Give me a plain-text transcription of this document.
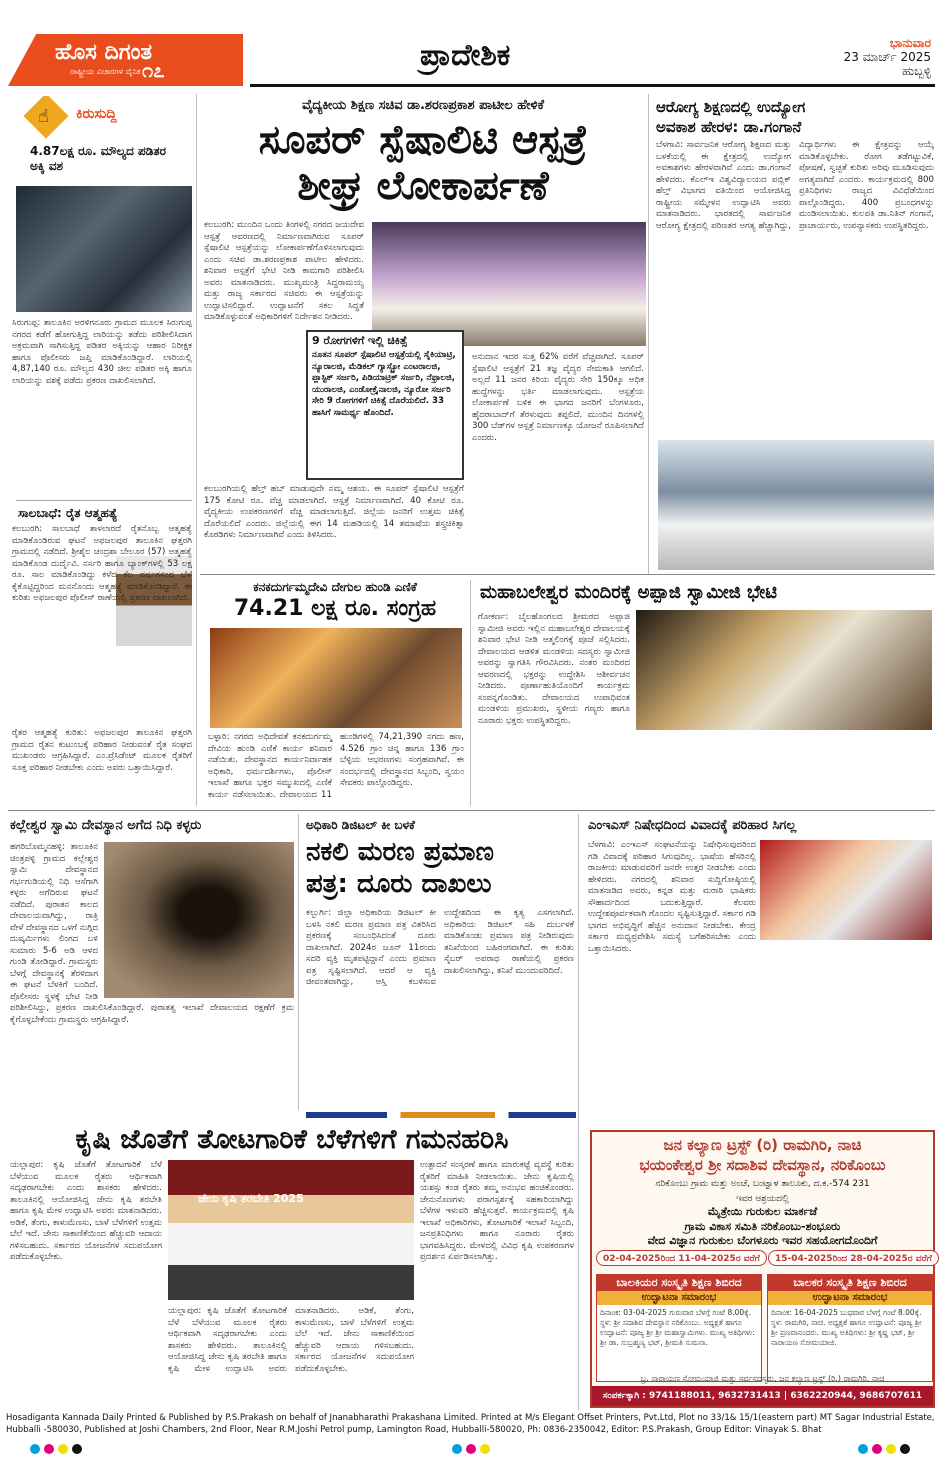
ಹೊಸ ದಿಗಂತ
ರಾಷ್ಟ್ರೀಯ ವಿಚಾರಗಳ ದೈನಿಕ ೧೭	ಪ್ರಾದೇಶಿಕ	ಭಾನುವಾರ
23 ಮಾರ್ಚ್ 2025
ಹುಬ್ಬಳ್ಳಿ
☝ ಕಿರುಸುದ್ದಿ
4.87ಲಕ್ಷ ರೂ. ಮೌಲ್ಯದ ಪಡಿತರ ಅಕ್ಕಿ ವಶ
ಸಿರುಗುಪ್ಪ: ತಾಲೂಕಿನ ಅರಳಿಗನೂರು ಗ್ರಾಮದ ಮೂಲಕ ಸಿರುಗುಪ್ಪ ನಗರದ ಕಡೆಗೆ ಹೋಗುತ್ತಿದ್ದ ಲಾರಿಯನ್ನು ತಡೆದು ಪರಿಶೀಲಿಸಿದಾಗ ಅಕ್ರಮವಾಗಿ ಸಾಗಿಸುತ್ತಿದ್ದ ಪಡಿತರ ಅಕ್ಕಿಯನ್ನು ಆಹಾರ ನಿರೀಕ್ಷಕ ಹಾಗೂ ಪೊಲೀಸರು ಜಪ್ತಿ ಮಾಡಿಕೊಂಡಿದ್ದಾರೆ. ಲಾರಿಯಲ್ಲಿ 4,87,140 ರೂ. ಮೌಲ್ಯದ 430 ಚೀಲ ಪಡಿತರ ಅಕ್ಕಿ ಹಾಗೂ ಲಾರಿಯನ್ನು ವಶಕ್ಕೆ ಪಡೆದು ಪ್ರಕರಣ ದಾಖಲಿಸಲಾಗಿದೆ.
ಸಾಲಬಾಧೆ: ರೈತ ಆತ್ಮಹತ್ಯೆ
ಕಲಬುರಗಿ: ಸಾಲಬಾಧೆ ತಾಳಲಾರದೆ ರೈತನೊಬ್ಬ ಆತ್ಮಹತ್ಯೆ ಮಾಡಿಕೊಂಡಿರುವ ಘಟನೆ ಅಫಜಲಪುರ ತಾಲೂಕಿನ ಘತ್ತರಗಿ ಗ್ರಾಮದಲ್ಲಿ ನಡೆದಿದೆ. ಶ್ರೀಶೈಲ ಚಂದ್ರಶಾ ಬೇಲೂರ (57) ಆತ್ಮಹತ್ಯೆ ಮಾಡಿಕೊಂಡ ದುರ್ದೈವಿ. ನರ್ಸರಿ ಹಾಗೂ ಬ್ಯಾಂಕ್‌ಗಳಲ್ಲಿ 53 ಲಕ್ಷ ರೂ. ಸಾಲ ಮಾಡಿಕೊಂಡಿದ್ದು ಕಳೆದ ಕೆಲ ವರ್ಷಗಳಿಂದ ಬೆಳೆ ಕೈಕೊಟ್ಟಿದ್ದರಿಂದ ಮನನೊಂದು ಆತ್ಮಹತ್ಯೆ ಮಾಡಿಕೊಂಡಿದ್ದಾನೆ. ಈ ಕುರಿತು ಅಫಜಲಪುರ ಪೊಲೀಸ್ ಠಾಣೆಯಲ್ಲಿ ಪ್ರಕರಣ ದಾಖಲಾಗಿದೆ.
ರೈತರ ಆತ್ಮಹತ್ಯೆ ಕುರಿತು: ಅಫಜಲಪುರ ತಾಲೂಕಿನ ಘತ್ತರಗಿ ಗ್ರಾಮದ ರೈತನ ಕುಟುಂಬಕ್ಕೆ ಪರಿಹಾರ ನೀಡುವಂತೆ ರೈತ ಸಂಘದ ಮುಖಂಡರು ಆಗ್ರಹಿಸಿದ್ದಾರೆ. ಎಂ.ಪ್ರೆಸಿಡೆಂಟ್ ಮೂಲಕ ರೈತರಿಗೆ ಸೂಕ್ತ ಪರಿಹಾರ ನೀಡಬೇಕು ಎಂದು ಅವರು ಒತ್ತಾಯಿಸಿದ್ದಾರೆ.
ವೈದ್ಯಕೀಯ ಶಿಕ್ಷಣ ಸಚಿವ ಡಾ.ಶರಣಪ್ರಕಾಶ ಪಾಟೀಲ ಹೇಳಿಕೆ
ಸೂಪರ್ ಸ್ಪೆಷಾಲಿಟಿ ಆಸ್ಪತ್ರೆ
ಶೀಘ್ರ ಲೋಕಾರ್ಪಣೆ
ಕಲಬುರಗಿ: ಮುಂದಿನ ಒಂದು ತಿಂಗಳಲ್ಲಿ ನಗರದ ಜಯದೇವ ಆಸ್ಪತ್ರೆ ಆವರಣದಲ್ಲಿ ನಿರ್ಮಾಣವಾಗಿರುವ ಸೂಪರ್ ಸ್ಪೆಷಾಲಿಟಿ ಆಸ್ಪತ್ರೆಯನ್ನು ಲೋಕಾರ್ಪಣೆಗೊಳಿಸಲಾಗುವುದು ಎಂದು ಸಚಿವ ಡಾ.ಶರಣಪ್ರಕಾಶ ಪಾಟೀಲ ಹೇಳಿದರು. ಶನಿವಾರ ಆಸ್ಪತ್ರೆಗೆ ಭೇಟಿ ನೀಡಿ ಕಾಮಗಾರಿ ಪರಿಶೀಲಿಸಿ ಅವರು ಮಾತನಾಡಿದರು. ಮುಖ್ಯಮಂತ್ರಿ ಸಿದ್ದರಾಮಯ್ಯ ಮತ್ತು ರಾಜ್ಯ ಸರ್ಕಾರದ ಸಚಿವರು ಈ ಆಸ್ಪತ್ರೆಯನ್ನು ಉದ್ಘಾಟಿಸಲಿದ್ದಾರೆ. ಉದ್ಘಾಟನೆಗೆ ಸಕಲ ಸಿದ್ಧತೆ ಮಾಡಿಕೊಳ್ಳುವಂತೆ ಅಧಿಕಾರಿಗಳಿಗೆ ನಿರ್ದೇಶನ ನೀಡಿದರು.
9 ರೋಗಗಳಿಗೆ ಇಲ್ಲಿ ಚಿಕಿತ್ಸೆ
ನೂತನ ಸೂಪರ್ ಸ್ಪೆಷಾಲಿಟಿ ಆಸ್ಪತ್ರೆಯಲ್ಲಿ ಸೈಕಿಯಾಟ್ರಿ, ನ್ಯೂರಾಲಜಿ, ಮೆಡಿಕಲ್ ಗ್ಯಾಸ್ಟ್ರೋ ಎಂಟರಾಲಜಿ, ಪ್ಲಾಸ್ಟಿಕ್ ಸರ್ಜರಿ, ಪಿಡಿಯಾಟ್ರಿಕ್ ಸರ್ಜರಿ, ನೆಫ್ರಾಲಜಿ, ಯುರಾಲಜಿ, ಎಂಡೋಕ್ರೈನಾಲಜಿ, ನ್ಯೂರೋ ಸರ್ಜರಿ ಸೇರಿ 9 ರೋಗಗಳಿಗೆ ಚಿಕಿತ್ಸೆ ದೊರೆಯಲಿದೆ. 33 ಹಾಸಿಗೆ ಸಾಮರ್ಥ್ಯ ಹೊಂದಿದೆ.
ಕಲಬುರಗಿಯಲ್ಲಿ ಹೆಲ್ತ್ ಹಬ್ ಮಾಡುವುದೇ ನಮ್ಮ ಆಶಯ. ಈ ಸೂಪರ್ ಸ್ಪೆಷಾಲಿಟಿ ಆಸ್ಪತ್ರೆಗೆ 175 ಕೋಟಿ ರೂ. ವೆಚ್ಚ ಮಾಡಲಾಗಿದೆ. ಆಸ್ಪತ್ರೆ ನಿರ್ಮಾಣವಾಗಿದೆ. 40 ಕೋಟಿ ರೂ. ವೈದ್ಯಕೀಯ ಉಪಕರಣಗಳಿಗೆ ವೆಚ್ಚ ಮಾಡಲಾಗುತ್ತಿದೆ. ಜಿಲ್ಲೆಯ ಜನರಿಗೆ ಉತ್ತಮ ಚಿಕಿತ್ಸೆ ದೊರೆಯಲಿದೆ ಎಂದರು. ಜಿಲ್ಲೆಯಲ್ಲಿ ಈಗ 14 ಮಹಡಿಯಲ್ಲಿ 14 ತಮಾಷೆಯ ಶಸ್ತ್ರಚಿಕಿತ್ಸಾ ಕೊಠಡಿಗಳು ನಿರ್ಮಾಣವಾಗಿವೆ ಎಂದು ತಿಳಿಸಿದರು.
ಅನುದಾನ ಇದರ ಸುತ್ತ 62% ವರೆಗೆ ವೆಚ್ಚವಾಗಿದೆ. ಸೂಪರ್ ಸ್ಪೆಷಾಲಿಟಿ ಆಸ್ಪತ್ರೆಗೆ 21 ತಜ್ಞ ವೈದ್ಯರ ನೇಮಕಾತಿ ಆಗಲಿದೆ. ಅಲ್ಲದೆ 11 ಜನರ ಕಿರಿಯ ವೈದ್ಯರು ಸೇರಿ 150ಕ್ಕೂ ಅಧಿಕ ಹುದ್ದೆಗಳನ್ನು ಭರ್ತಿ ಮಾಡಲಾಗುವುದು. ಆಸ್ಪತ್ರೆಯ ಲೋಕಾರ್ಪಣೆ ಬಳಿಕ ಈ ಭಾಗದ ಜನರಿಗೆ ಬೆಂಗಳೂರು, ಹೈದರಾಬಾದ್‌ಗೆ ತೆರಳುವುದು ತಪ್ಪಲಿದೆ. ಮುಂದಿನ ದಿನಗಳಲ್ಲಿ 300 ಬೆಡ್‌ಗಳ ಆಸ್ಪತ್ರೆ ನಿರ್ಮಾಣಕ್ಕೂ ಯೋಜನೆ ರೂಪಿಸಲಾಗಿದೆ ಎಂದರು.
ಆರೋಗ್ಯ ಶಿಕ್ಷಣದಲ್ಲಿ ಉದ್ಯೋಗ
ಅವಕಾಶ ಹೇರಳ: ಡಾ.ಗಂಗಾನೆ
ಬೆಳಗಾವಿ: ಸಾರ್ವಜನಿಕ ಆರೋಗ್ಯ ಶಿಕ್ಷಣದ ಮತ್ತು ಬಳಕೆಯಲ್ಲಿ ಈ ಕ್ಷೇತ್ರದಲ್ಲಿ ಉದ್ಯೋಗ ಅವಕಾಶಗಳು ಹೇರಳವಾಗಿವೆ ಎಂದು ಡಾ.ಗಂಗಾನೆ ಹೇಳಿದರು. ಕೆಎಲ್‌ಇ ವಿಶ್ವವಿದ್ಯಾಲಯದ ಪಬ್ಲಿಕ್ ಹೆಲ್ತ್ ವಿಭಾಗದ ವತಿಯಿಂದ ಆಯೋಜಿಸಿದ್ದ ರಾಷ್ಟ್ರೀಯ ಸಮ್ಮೇಳನ ಉದ್ಘಾಟಿಸಿ ಅವರು ಮಾತನಾಡಿದರು. ಭಾರತದಲ್ಲಿ ಸಾರ್ವಜನಿಕ ಆರೋಗ್ಯ ಕ್ಷೇತ್ರದಲ್ಲಿ ಪರಿಣತರ ಅಗತ್ಯ ಹೆಚ್ಚಾಗಿದ್ದು, ವಿದ್ಯಾರ್ಥಿಗಳು ಈ ಕ್ಷೇತ್ರವನ್ನು ಆಯ್ಕೆ ಮಾಡಿಕೊಳ್ಳಬೇಕು. ರೋಗ ತಡೆಗಟ್ಟುವಿಕೆ, ಪೋಷಣೆ, ಸ್ವಚ್ಛತೆ ಕುರಿತು ಅರಿವು ಮೂಡಿಸುವುದು ಅಗತ್ಯವಾಗಿದೆ ಎಂದರು. ಕಾರ್ಯಕ್ರಮದಲ್ಲಿ 800 ಪ್ರತಿನಿಧಿಗಳು ರಾಜ್ಯದ ವಿವಿಧೆಡೆಯಿಂದ ಪಾಲ್ಗೊಂಡಿದ್ದರು. 400 ಪ್ರಬಂಧಗಳನ್ನು ಮಂಡಿಸಲಾಯಿತು. ಕುಲಪತಿ ಡಾ.ನಿತಿನ್ ಗಂಗಾನೆ, ಪ್ರಾಚಾರ್ಯರು, ಉಪನ್ಯಾಸಕರು ಉಪಸ್ಥಿತರಿದ್ದರು.
ಕನಕದುರ್ಗಮ್ಮದೇವಿ ದೇಗುಲ ಹುಂಡಿ ಎಣಿಕೆ
74.21 ಲಕ್ಷ ರೂ. ಸಂಗ್ರಹ
ಬಳ್ಳಾರಿ: ನಗರದ ಅಧಿದೇವತೆ ಕನಕದುರ್ಗಮ್ಮ ದೇವಿಯ ಹುಂಡಿ ಎಣಿಕೆ ಕಾರ್ಯ ಶನಿವಾರ ನಡೆಯಿತು. ದೇವಸ್ಥಾನದ ಕಾರ್ಯನಿರ್ವಾಹಕ ಅಧಿಕಾರಿ, ಧರ್ಮದರ್ಶಿಗಳು, ಪೊಲೀಸ್ ಇಲಾಖೆ ಹಾಗೂ ಭಕ್ತರ ಸಮ್ಮುಖದಲ್ಲಿ ಎಣಿಕೆ ಕಾರ್ಯ ನಡೆಸಲಾಯಿತು. ದೇವಾಲಯದ 11 ಹುಂಡಿಗಳಲ್ಲಿ 74,21,390 ನಗದು ಹಣ, 4.526 ಗ್ರಾಂ ಚಿನ್ನ ಹಾಗೂ 136 ಗ್ರಾಂ ಬೆಳ್ಳಿಯ ಆಭರಣಗಳು ಸಂಗ್ರಹವಾಗಿವೆ. ಈ ಸಂದರ್ಭದಲ್ಲಿ ದೇವಸ್ಥಾನದ ಸಿಬ್ಬಂದಿ, ಸ್ವಯಂ ಸೇವಕರು ಪಾಲ್ಗೊಂಡಿದ್ದರು.
ಮಹಾಬಲೇಶ್ವರ ಮಂದಿರಕ್ಕೆ ಅಪ್ಪಾಜಿ ಸ್ವಾಮೀಜಿ ಭೇಟಿ
ಗೋಕರ್ಣ: ಬೈಲಹೊಂಗಲದ ಶ್ರೀಮಠದ ಅಪ್ಪಾಜಿ ಸ್ವಾಮೀಜಿ ಅವರು ಇಲ್ಲಿನ ಮಹಾಬಲೇಶ್ವರ ದೇವಾಲಯಕ್ಕೆ ಶನಿವಾರ ಭೇಟಿ ನೀಡಿ ಆತ್ಮಲಿಂಗಕ್ಕೆ ಪೂಜೆ ಸಲ್ಲಿಸಿದರು. ದೇವಾಲಯದ ಆಡಳಿತ ಮಂಡಳಿಯ ಸದಸ್ಯರು ಸ್ವಾಮೀಜಿ ಅವರನ್ನು ಸ್ವಾಗತಿಸಿ ಗೌರವಿಸಿದರು. ನಂತರ ಮಂದಿರದ ಆವರಣದಲ್ಲಿ ಭಕ್ತರನ್ನು ಉದ್ದೇಶಿಸಿ ಆಶೀರ್ವಚನ ನೀಡಿದರು. ಪೂರ್ಣಾಹುತಿಯೊಂದಿಗೆ ಕಾರ್ಯಕ್ರಮ ಸಂಪನ್ನಗೊಂಡಿತು. ದೇವಾಲಯದ ಉಪಾಧಿವಂತ ಮಂಡಳಿಯ ಪ್ರಮುಖರು, ಸ್ಥಳೀಯ ಗಣ್ಯರು ಹಾಗೂ ನೂರಾರು ಭಕ್ತರು ಉಪಸ್ಥಿತರಿದ್ದರು.
ಕಲ್ಲೇಶ್ವರ ಸ್ವಾಮಿ ದೇವಸ್ಥಾನ ಅಗೆದ ನಿಧಿ ಕಳ್ಳರು
ಹಗರಿಬೊಮ್ಮನಹಳ್ಳಿ: ತಾಲೂಕಿನ ಚಿಂತ್ರಪಳ್ಳಿ ಗ್ರಾಮದ ಕಲ್ಲೇಶ್ವರ ಸ್ವಾಮಿ ದೇವಸ್ಥಾನದ ಗರ್ಭಗುಡಿಯಲ್ಲಿ ನಿಧಿ ಆಸೆಗಾಗಿ ಕಳ್ಳರು ಅಗೆದಿರುವ ಘಟನೆ ನಡೆದಿದೆ. ಪುರಾತನ ಕಾಲದ ದೇವಾಲಯವಾಗಿದ್ದು, ರಾತ್ರಿ ವೇಳೆ ದೇವಸ್ಥಾನದ ಒಳಗೆ ನುಗ್ಗಿದ ದುಷ್ಕರ್ಮಿಗಳು ಲಿಂಗದ ಬಳಿ ಸುಮಾರು 5-6 ಅಡಿ ಆಳದ ಗುಂಡಿ ತೋಡಿದ್ದಾರೆ. ಗ್ರಾಮಸ್ಥರು ಬೆಳಗ್ಗೆ ದೇವಸ್ಥಾನಕ್ಕೆ ತೆರಳಿದಾಗ ಈ ಘಟನೆ ಬೆಳಕಿಗೆ ಬಂದಿದೆ. ಪೊಲೀಸರು ಸ್ಥಳಕ್ಕೆ ಭೇಟಿ ನೀಡಿ ಪರಿಶೀಲಿಸಿದ್ದು, ಪ್ರಕರಣ ದಾಖಲಿಸಿಕೊಂಡಿದ್ದಾರೆ. ಪುರಾತತ್ವ ಇಲಾಖೆ ದೇವಾಲಯದ ರಕ್ಷಣೆಗೆ ಕ್ರಮ ಕೈಗೊಳ್ಳಬೇಕೆಂದು ಗ್ರಾಮಸ್ಥರು ಆಗ್ರಹಿಸಿದ್ದಾರೆ.
ಅಧಿಕಾರಿ ಡಿಜಿಟಲ್ ಕೀ ಬಳಕೆ
ನಕಲಿ ಮರಣ ಪ್ರಮಾಣ
ಪತ್ರ: ದೂರು ದಾಖಲು
ಕಲ್ಬುರ್ಗಿ: ಜಿಲ್ಲಾ ಅಧಿಕಾರಿಯ ಡಿಜಿಟಲ್ ಕೀ ಬಳಸಿ ನಕಲಿ ಮರಣ ಪ್ರಮಾಣ ಪತ್ರ ವಿತರಿಸಿದ ಪ್ರಕರಣಕ್ಕೆ ಸಂಬಂಧಿಸಿದಂತೆ ದೂರು ದಾಖಲಾಗಿದೆ. 2024ರ ಜೂನ್ 11ರಂದು ಸದರಿ ವ್ಯಕ್ತಿ ಮೃತಪಟ್ಟಿದ್ದಾನೆ ಎಂದು ಪ್ರಮಾಣ ಪತ್ರ ಸೃಷ್ಟಿಸಲಾಗಿದೆ. ಆದರೆ ಆ ವ್ಯಕ್ತಿ ಜೀವಂತವಾಗಿದ್ದು, ಆಸ್ತಿ ಕಬಳಿಸುವ ಉದ್ದೇಶದಿಂದ ಈ ಕೃತ್ಯ ಎಸಗಲಾಗಿದೆ. ಅಧಿಕಾರಿಯ ಡಿಜಿಟಲ್ ಸಹಿ ದುರ್ಬಳಕೆ ಮಾಡಿಕೊಂಡು ಪ್ರಮಾಣ ಪತ್ರ ನೀಡಿರುವುದು ತನಿಖೆಯಿಂದ ಬಹಿರಂಗವಾಗಿದೆ. ಈ ಕುರಿತು ಸೈಬರ್ ಅಪರಾಧ ಠಾಣೆಯಲ್ಲಿ ಪ್ರಕರಣ ದಾಖಲಿಸಲಾಗಿದ್ದು, ತನಿಖೆ ಮುಂದುವರಿದಿದೆ.
ಎಂಇಎಸ್ ನಿಷೇಧದಿಂದ ವಿವಾದಕ್ಕೆ ಪರಿಹಾರ ಸಿಗಲ್ಲ
ಬೆಳಗಾವಿ: ಎಂಇಎಸ್ ಸಂಘಟನೆಯನ್ನು ನಿಷೇಧಿಸುವುದರಿಂದ ಗಡಿ ವಿವಾದಕ್ಕೆ ಪರಿಹಾರ ಸಿಗುವುದಿಲ್ಲ. ಭಾಷೆಯ ಹೆಸರಿನಲ್ಲಿ ರಾಜಕೀಯ ಮಾಡುವವರಿಗೆ ಜನರೇ ಉತ್ತರ ನೀಡಬೇಕು ಎಂದು ಹೇಳಿದರು. ನಗರದಲ್ಲಿ ಶನಿವಾರ ಸುದ್ದಿಗೋಷ್ಠಿಯಲ್ಲಿ ಮಾತನಾಡಿದ ಅವರು, ಕನ್ನಡ ಮತ್ತು ಮರಾಠಿ ಭಾಷಿಕರು ಸೌಹಾರ್ದದಿಂದ ಬದುಕುತ್ತಿದ್ದಾರೆ. ಕೆಲವರು ಉದ್ದೇಶಪೂರ್ವಕವಾಗಿ ಗೊಂದಲ ಸೃಷ್ಟಿಸುತ್ತಿದ್ದಾರೆ. ಸರ್ಕಾರ ಗಡಿ ಭಾಗದ ಅಭಿವೃದ್ಧಿಗೆ ಹೆಚ್ಚಿನ ಅನುದಾನ ನೀಡಬೇಕು. ಕೇಂದ್ರ ಸರ್ಕಾರ ಮಧ್ಯಪ್ರವೇಶಿಸಿ ಸಮಸ್ಯೆ ಬಗೆಹರಿಸಬೇಕು ಎಂದು ಒತ್ತಾಯಿಸಿದರು.
ಕೃಷಿ ಜೊತೆಗೆ ತೋಟಗಾರಿಕೆ ಬೆಳೆಗಳಿಗೆ ಗಮನಹರಿಸಿ
ಜೇನು ಕೃಷಿ ತರಬೇತಿ 2025
ಯಲ್ಲಾಪುರ: ಕೃಷಿ ಜೊತೆಗೆ ತೋಟಗಾರಿಕೆ ಬೆಳೆ ಬೆಳೆಯುವ ಮೂಲಕ ರೈತರು ಆರ್ಥಿಕವಾಗಿ ಸದೃಢರಾಗಬೇಕು ಎಂದು ಶಾಸಕರು ಹೇಳಿದರು. ತಾಲೂಕಿನಲ್ಲಿ ಆಯೋಜಿಸಿದ್ದ ಜೇನು ಕೃಷಿ ತರಬೇತಿ ಹಾಗೂ ಕೃಷಿ ಮೇಳ ಉದ್ಘಾಟಿಸಿ ಅವರು ಮಾತನಾಡಿದರು. ಅಡಿಕೆ, ತೆಂಗು, ಕಾಳುಮೆಣಸು, ಬಾಳೆ ಬೆಳೆಗಳಿಗೆ ಉತ್ತಮ ಬೆಲೆ ಇದೆ. ಜೇನು ಸಾಕಾಣಿಕೆಯಿಂದ ಹೆಚ್ಚುವರಿ ಆದಾಯ ಗಳಿಸಬಹುದು. ಸರ್ಕಾರದ ಯೋಜನೆಗಳ ಸದುಪಯೋಗ ಪಡೆದುಕೊಳ್ಳಬೇಕು.
ಉತ್ಪಾದನೆ ಸಂಸ್ಕರಣೆ ಹಾಗೂ ಮಾರುಕಟ್ಟೆ ವ್ಯವಸ್ಥೆ ಕುರಿತು ರೈತರಿಗೆ ಮಾಹಿತಿ ನೀಡಲಾಯಿತು. ಜೇನು ಕೃಷಿಯಲ್ಲಿ ಯಶಸ್ಸು ಕಂಡ ರೈತರು ತಮ್ಮ ಅನುಭವ ಹಂಚಿಕೊಂಡರು. ಜೇನುನೊಣಗಳು ಪರಾಗಸ್ಪರ್ಶಕ್ಕೆ ಸಹಕಾರಿಯಾಗಿದ್ದು ಬೆಳೆಗಳ ಇಳುವರಿ ಹೆಚ್ಚಿಸುತ್ತವೆ. ಕಾರ್ಯಕ್ರಮದಲ್ಲಿ ಕೃಷಿ ಇಲಾಖೆ ಅಧಿಕಾರಿಗಳು, ತೋಟಗಾರಿಕೆ ಇಲಾಖೆ ಸಿಬ್ಬಂದಿ, ಜನಪ್ರತಿನಿಧಿಗಳು ಹಾಗೂ ನೂರಾರು ರೈತರು ಭಾಗವಹಿಸಿದ್ದರು. ಮೇಳದಲ್ಲಿ ವಿವಿಧ ಕೃಷಿ ಉಪಕರಣಗಳ ಪ್ರದರ್ಶನ ಏರ್ಪಡಿಸಲಾಗಿತ್ತು.
ಯಲ್ಲಾಪುರ: ಕೃಷಿ ಜೊತೆಗೆ ತೋಟಗಾರಿಕೆ ಬೆಳೆ ಬೆಳೆಯುವ ಮೂಲಕ ರೈತರು ಆರ್ಥಿಕವಾಗಿ ಸದೃಢರಾಗಬೇಕು ಎಂದು ಶಾಸಕರು ಹೇಳಿದರು. ತಾಲೂಕಿನಲ್ಲಿ ಆಯೋಜಿಸಿದ್ದ ಜೇನು ಕೃಷಿ ತರಬೇತಿ ಹಾಗೂ ಕೃಷಿ ಮೇಳ ಉದ್ಘಾಟಿಸಿ ಅವರು ಮಾತನಾಡಿದರು. ಅಡಿಕೆ, ತೆಂಗು, ಕಾಳುಮೆಣಸು, ಬಾಳೆ ಬೆಳೆಗಳಿಗೆ ಉತ್ತಮ ಬೆಲೆ ಇದೆ. ಜೇನು ಸಾಕಾಣಿಕೆಯಿಂದ ಹೆಚ್ಚುವರಿ ಆದಾಯ ಗಳಿಸಬಹುದು. ಸರ್ಕಾರದ ಯೋಜನೆಗಳ ಸದುಪಯೋಗ ಪಡೆದುಕೊಳ್ಳಬೇಕು.
ಜನ ಕಲ್ಯಾಣ ಟ್ರಸ್ಟ್ (ರಿ) ರಾಮಗಿರಿ, ನಾಚಿ
ಭಯಂಕೇಶ್ವರ ಶ್ರೀ ಸದಾಶಿವ ದೇವಸ್ಥಾನ, ನರಿಕೊಂಬು
ನರಿಕೊಂಬು ಗ್ರಾಮ ಮತ್ತು ಅಂಚೆ, ಬಂಟ್ವಾಳ ತಾಲೂಕು, ದ.ಕ.-574 231
ಇವರ ಆಶ್ರಯದಲ್ಲಿ
ಮೈತ್ರೇಯಿ ಗುರುಕುಲ ಮಾರ್ಕಜೆ
ಗ್ರಾಮ ವಿಕಾಸ ಸಮಿತಿ ನರಿಕೊಂಬು-ಶಂಭೂರು
ವೇದ ವಿಜ್ಞಾನ ಗುರುಕುಲ ಬೆಂಗಳೂರು ಇವರ ಸಹಯೋಗದೊಂದಿಗೆ
02-04-2025ರಿಂದ 11-04-2025ರ ವರೆಗೆ	15-04-2025ರಿಂದ 28-04-2025ರ ವರೆಗೆ
ಬಾಲಕಿಯರ ಸಂಸ್ಕೃತಿ ಶಿಕ್ಷಣ ಶಿಬಿರದ
ಉದ್ಘಾಟನಾ ಸಮಾರಂಭ
ದಿನಾಂಕ: 03-04-2025 ಗುರುವಾರ ಬೆಳಗ್ಗೆ ಗಂಟೆ 8.00ಕ್ಕೆ. ಸ್ಥಳ: ಶ್ರೀ ಸದಾಶಿವ ದೇವಸ್ಥಾನ ನರಿಕೊಂಬು. ಅಧ್ಯಕ್ಷತೆ ಹಾಗೂ ಉದ್ಘಾಟನೆ: ಪೂಜ್ಯ ಶ್ರೀ ಶ್ರೀ ಮಹಾಸ್ವಾಮಿಗಳು. ಮುಖ್ಯ ಅತಿಥಿಗಳು: ಶ್ರೀ ಡಾ. ಸುಬ್ರಹ್ಮಣ್ಯ ಭಟ್, ಶ್ರೀಮತಿ ಸುಮನಾ.
ಬಾಲಕರ ಸಂಸ್ಕೃತಿ ಶಿಕ್ಷಣ ಶಿಬಿರದ
ಉದ್ಘಾಟನಾ ಸಮಾರಂಭ
ದಿನಾಂಕ: 16-04-2025 ಬುಧವಾರ ಬೆಳಗ್ಗೆ ಗಂಟೆ 8.00ಕ್ಕೆ. ಸ್ಥಳ: ರಾಮಗಿರಿ, ನಾಚಿ. ಅಧ್ಯಕ್ಷತೆ ಹಾಗೂ ಉದ್ಘಾಟನೆ: ಪೂಜ್ಯ ಶ್ರೀ ಶ್ರೀ ಪ್ರಣವಾನಂದರು. ಮುಖ್ಯ ಅತಿಥಿಗಳು: ಶ್ರೀ ಕೃಷ್ಣ ಭಟ್, ಶ್ರೀ ನಾರಾಯಣ ಸೋಮಯಾಜಿ.
ಬ್ರ. ನಾರಾಯಣ ಸೋಮಯಾಜಿ ಮತ್ತು ಸರ್ವಸದಸ್ಯರು, ಜನ ಕಲ್ಯಾಣ ಟ್ರಸ್ಟ್ (ರಿ.) ರಾಮಗಿರಿ, ನಾಚಿ
ಸಂಪರ್ಕಕ್ಕಾಗಿ : 9741188011, 9632731413 | 6362220944, 9686707611
Hosadiganta Kannada Daily Printed & Published by P.S.Prakash on behalf of Jnanabharathi Prakashana Limited. Printed at M/s Elegant Offset Printers, Pvt.Ltd, Plot no 33/1& 15/1(eastern part) MT Sagar Industrial Estate, Hubballi -580030, Published at Joshi Chambers, 2nd Floor, Near R.M.Joshi Petrol pump, Lamington Road, Hubballi-580020, Ph: 0836-2350042, Editor: P.S.Prakash, Group Editor: Vinayak S. Bhat
